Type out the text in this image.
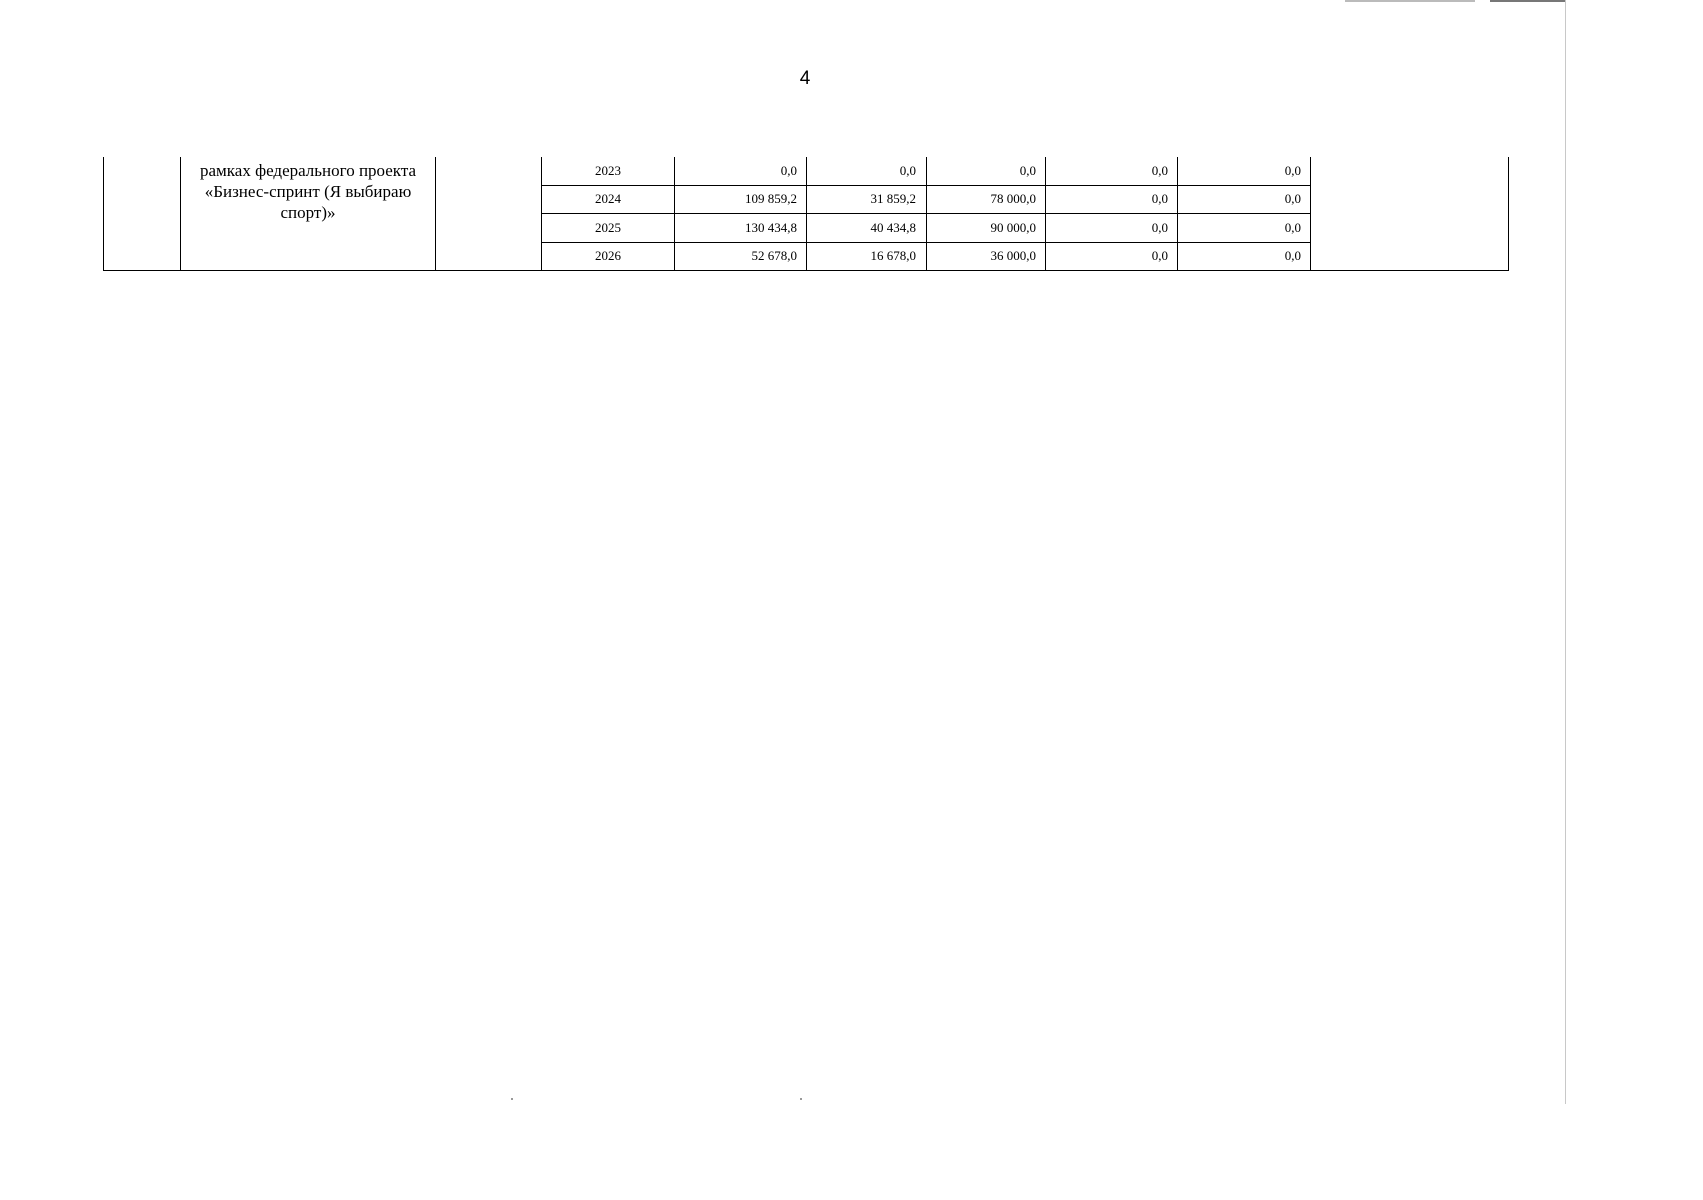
4
рамках федерального проекта «Бизнес-спринт (Я выбираю спорт)»
2023	0,0	0,0	0,0	0,0	0,0
2024	109 859,2	31 859,2	78 000,0	0,0	0,0
2025	130 434,8	40 434,8	90 000,0	0,0	0,0
2026	52 678,0	16 678,0	36 000,0	0,0	0,0
